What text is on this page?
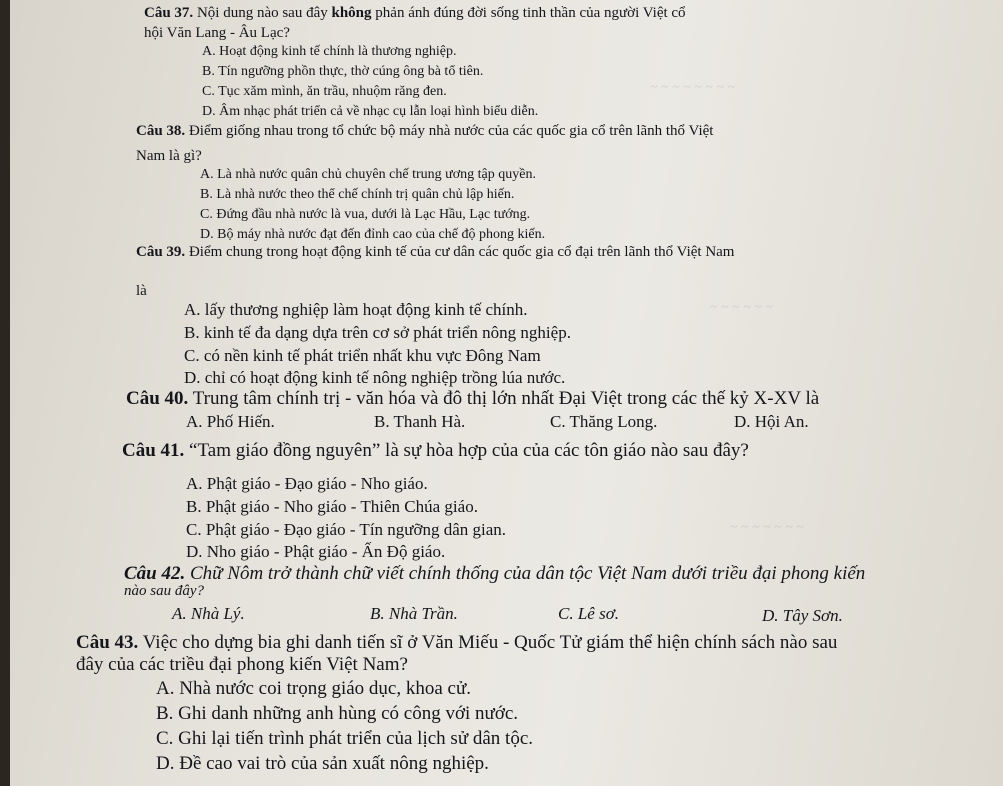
~ ~ ~ ~ ~ ~ ~ ~
~ ~ ~ ~ ~ ~
~ ~ ~ ~ ~ ~ ~
Câu 37. Nội dung nào sau đây không phản ánh đúng đời sống tinh thần của người Việt cổ
hội Văn Lang - Âu Lạc?
A. Hoạt động kinh tế chính là thương nghiệp.
B. Tín ngưỡng phồn thực, thờ cúng ông bà tổ tiên.
C. Tục xăm mình, ăn trầu, nhuộm răng đen.
D. Âm nhạc phát triển cả về nhạc cụ lẫn loại hình biểu diễn.
Câu 38. Điểm giống nhau trong tổ chức bộ máy nhà nước của các quốc gia cổ trên lãnh thổ Việt
Nam là gì?
A. Là nhà nước quân chủ chuyên chế trung ương tập quyền.
B. Là nhà nước theo thể chế chính trị quân chủ lập hiến.
C. Đứng đầu nhà nước là vua, dưới là Lạc Hầu, Lạc tướng.
D. Bộ máy nhà nước đạt đến đỉnh cao của chế độ phong kiến.
Câu 39. Điểm chung trong hoạt động kinh tế của cư dân các quốc gia cổ đại trên lãnh thổ Việt Nam
là
A. lấy thương nghiệp làm hoạt động kinh tế chính.
B. kinh tế đa dạng dựa trên cơ sở phát triển nông nghiệp.
C. có nền kinh tế phát triển nhất khu vực Đông Nam
D. chỉ có hoạt động kinh tế nông nghiệp trồng lúa nước.
Câu 40. Trung tâm chính trị - văn hóa và đô thị lớn nhất Đại Việt trong các thế kỷ X-XV là
A. Phố Hiến.	B. Thanh Hà.	C. Thăng Long.	D. Hội An.
Câu 41. “Tam giáo đồng nguyên” là sự hòa hợp của của các tôn giáo nào sau đây?
A. Phật giáo - Đạo giáo - Nho giáo.
B. Phật giáo - Nho giáo - Thiên Chúa giáo.
C. Phật giáo - Đạo giáo - Tín ngưỡng dân gian.
D. Nho giáo - Phật giáo - Ấn Độ giáo.
Câu 42. Chữ Nôm trở thành chữ viết chính thống của dân tộc Việt Nam dưới triều đại phong kiến
nào sau đây?
A. Nhà Lý.	B. Nhà Trần.	C. Lê sơ.	D. Tây Sơn.
Câu 43. Việc cho dựng bia ghi danh tiến sĩ ở Văn Miếu - Quốc Tử giám thể hiện chính sách nào sau
đây của các triều đại phong kiến Việt Nam?
A. Nhà nước coi trọng giáo dục, khoa cử.
B. Ghi danh những anh hùng có công với nước.
C. Ghi lại tiến trình phát triển của lịch sử dân tộc.
D. Đề cao vai trò của sản xuất nông nghiệp.
